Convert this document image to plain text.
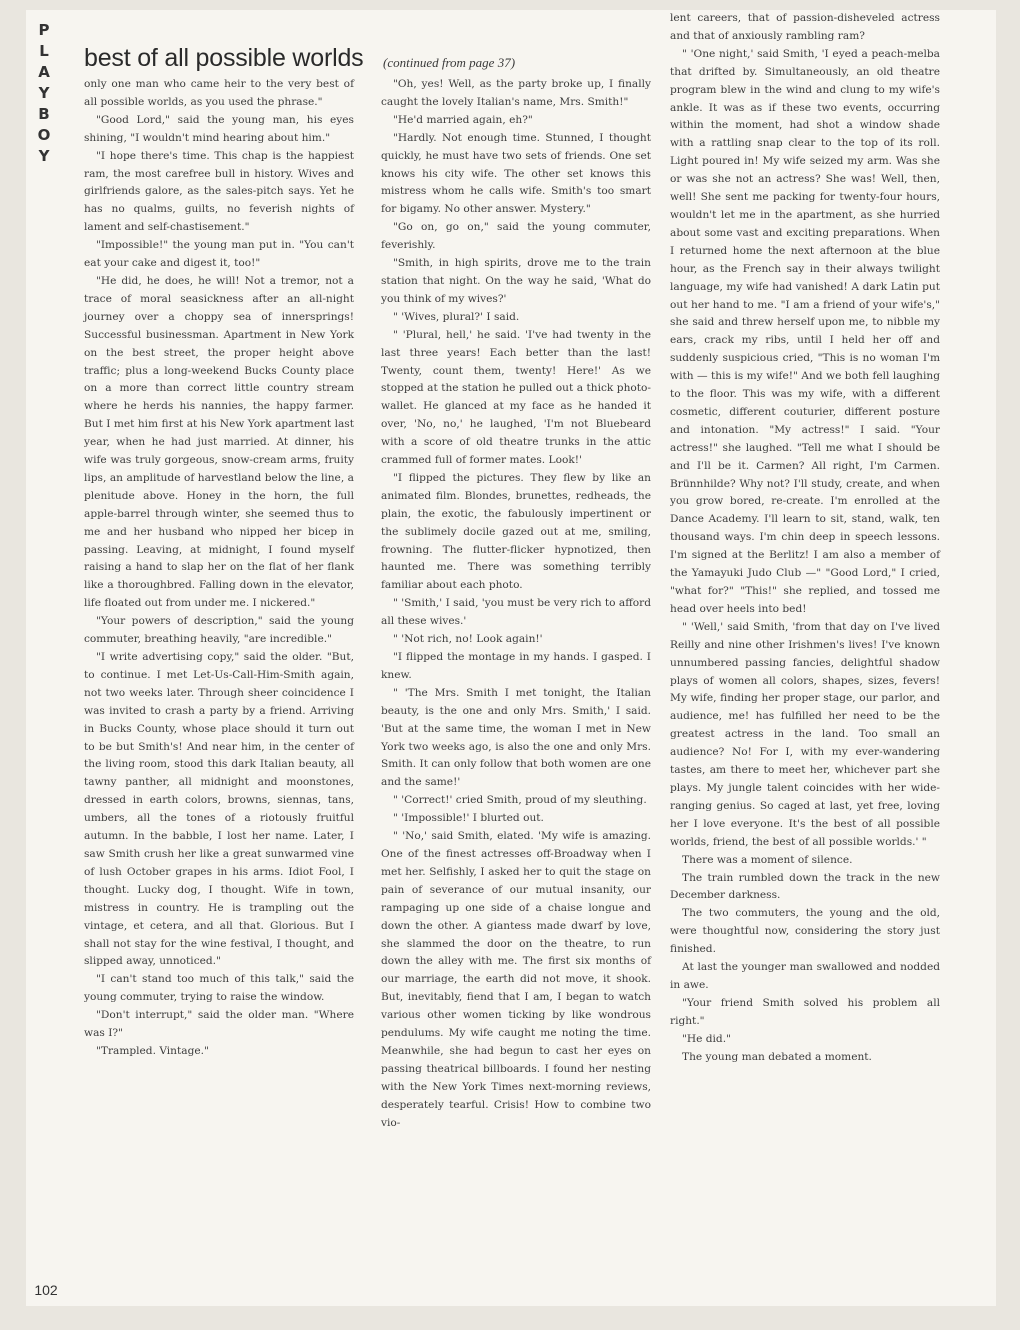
P
L
A
Y
B
O
Y
best of all possible worlds	(continued from page 37)

only one man who came heir to the very best of all possible worlds, as you used the phrase."

"Good Lord," said the young man, his eyes shining, "I wouldn't mind hearing about him."

"I hope there's time. This chap is the happiest ram, the most carefree bull in history. Wives and girlfriends galore, as the sales-pitch says. Yet he has no qualms, guilts, no feverish nights of lament and self-chastisement."

"Impossible!" the young man put in. "You can't eat your cake and digest it, too!"

"He did, he does, he will! Not a tremor, not a trace of moral seasickness after an all-night journey over a choppy sea of innersprings! Successful businessman. Apartment in New York on the best street, the proper height above traffic; plus a long-weekend Bucks County place on a more than correct little country stream where he herds his nannies, the happy farmer. But I met him first at his New York apartment last year, when he had just married. At dinner, his wife was truly gorgeous, snow-cream arms, fruity lips, an amplitude of harvestland below the line, a plenitude above. Honey in the horn, the full apple-barrel through winter, she seemed thus to me and her husband who nipped her bicep in passing. Leaving, at midnight, I found myself raising a hand to slap her on the flat of her flank like a thoroughbred. Falling down in the elevator, life floated out from under me. I nickered."

"Your powers of description," said the young commuter, breathing heavily, "are incredible."

"I write advertising copy," said the older. "But, to continue. I met Let-Us-Call-Him-Smith again, not two weeks later. Through sheer coincidence I was invited to crash a party by a friend. Arriving in Bucks County, whose place should it turn out to be but Smith's! And near him, in the center of the living room, stood this dark Italian beauty, all tawny panther, all midnight and moonstones, dressed in earth colors, browns, siennas, tans, umbers, all the tones of a riotously fruitful autumn. In the babble, I lost her name. Later, I saw Smith crush her like a great sunwarmed vine of lush October grapes in his arms. Idiot Fool, I thought. Lucky dog, I thought. Wife in town, mistress in country. He is trampling out the vintage, et cetera, and all that. Glorious. But I shall not stay for the wine festival, I thought, and slipped away, unnoticed."

"I can't stand too much of this talk," said the young commuter, trying to raise the window.

"Don't interrupt," said the older man. "Where was I?"

"Trampled. Vintage."

"Oh, yes! Well, as the party broke up, I finally caught the lovely Italian's name, Mrs. Smith!"

"He'd married again, eh?"

"Hardly. Not enough time. Stunned, I thought quickly, he must have two sets of friends. One set knows his city wife. The other set knows this mistress whom he calls wife. Smith's too smart for bigamy. No other answer. Mystery."

"Go on, go on," said the young commuter, feverishly.

"Smith, in high spirits, drove me to the train station that night. On the way he said, 'What do you think of my wives?'

" 'Wives, plural?' I said.

" 'Plural, hell,' he said. 'I've had twenty in the last three years! Each better than the last! Twenty, count them, twenty! Here!' As we stopped at the station he pulled out a thick photo-wallet. He glanced at my face as he handed it over, 'No, no,' he laughed, 'I'm not Bluebeard with a score of old theatre trunks in the attic crammed full of former mates. Look!'

"I flipped the pictures. They flew by like an animated film. Blondes, brunettes, redheads, the plain, the exotic, the fabulously impertinent or the sublimely docile gazed out at me, smiling, frowning. The flutter-flicker hypnotized, then haunted me. There was something terribly familiar about each photo.

" 'Smith,' I said, 'you must be very rich to afford all these wives.'

" 'Not rich, no! Look again!'

"I flipped the montage in my hands. I gasped. I knew.

" 'The Mrs. Smith I met tonight, the Italian beauty, is the one and only Mrs. Smith,' I said. 'But at the same time, the woman I met in New York two weeks ago, is also the one and only Mrs. Smith. It can only follow that both women are one and the same!'

" 'Correct!' cried Smith, proud of my sleuthing.

" 'Impossible!' I blurted out.

" 'No,' said Smith, elated. 'My wife is amazing. One of the finest actresses off-Broadway when I met her. Selfishly, I asked her to quit the stage on pain of severance of our mutual insanity, our rampaging up one side of a chaise longue and down the other. A giantess made dwarf by love, she slammed the door on the theatre, to run down the alley with me. The first six months of our marriage, the earth did not move, it shook. But, inevitably, fiend that I am, I began to watch various other women ticking by like wondrous pendulums. My wife caught me noting the time. Meanwhile, she had begun to cast her eyes on passing theatrical billboards. I found her nesting with the New York Times next-morning reviews, desperately tearful. Crisis! How to combine two vio-

lent careers, that of passion-disheveled actress and that of anxiously rambling ram?

" 'One night,' said Smith, 'I eyed a peach-melba that drifted by. Simultaneously, an old theatre program blew in the wind and clung to my wife's ankle. It was as if these two events, occurring within the moment, had shot a window shade with a rattling snap clear to the top of its roll. Light poured in! My wife seized my arm. Was she or was she not an actress? She was! Well, then, well! She sent me packing for twenty-four hours, wouldn't let me in the apartment, as she hurried about some vast and exciting preparations. When I returned home the next afternoon at the blue hour, as the French say in their always twilight language, my wife had vanished! A dark Latin put out her hand to me. "I am a friend of your wife's," she said and threw herself upon me, to nibble my ears, crack my ribs, until I held her off and suddenly suspicious cried, "This is no woman I'm with — this is my wife!" And we both fell laughing to the floor. This was my wife, with a different cosmetic, different couturier, different posture and intonation. "My actress!" I said. "Your actress!" she laughed. "Tell me what I should be and I'll be it. Carmen? All right, I'm Carmen. Brünnhilde? Why not? I'll study, create, and when you grow bored, re-create. I'm enrolled at the Dance Academy. I'll learn to sit, stand, walk, ten thousand ways. I'm chin deep in speech lessons. I'm signed at the Berlitz! I am also a member of the Yamayuki Judo Club —" "Good Lord," I cried, "what for?" "This!" she replied, and tossed me head over heels into bed!

" 'Well,' said Smith, 'from that day on I've lived Reilly and nine other Irishmen's lives! I've known unnumbered passing fancies, delightful shadow plays of women all colors, shapes, sizes, fevers! My wife, finding her proper stage, our parlor, and audience, me! has fulfilled her need to be the greatest actress in the land. Too small an audience? No! For I, with my ever-wandering tastes, am there to meet her, whichever part she plays. My jungle talent coincides with her wide-ranging genius. So caged at last, yet free, loving her I love everyone. It's the best of all possible worlds, friend, the best of all possible worlds.' "

There was a moment of silence.

The train rumbled down the track in the new December darkness.

The two commuters, the young and the old, were thoughtful now, considering the story just finished.

At last the younger man swallowed and nodded in awe.

"Your friend Smith solved his problem all right."

"He did."

The young man debated a moment.

102
